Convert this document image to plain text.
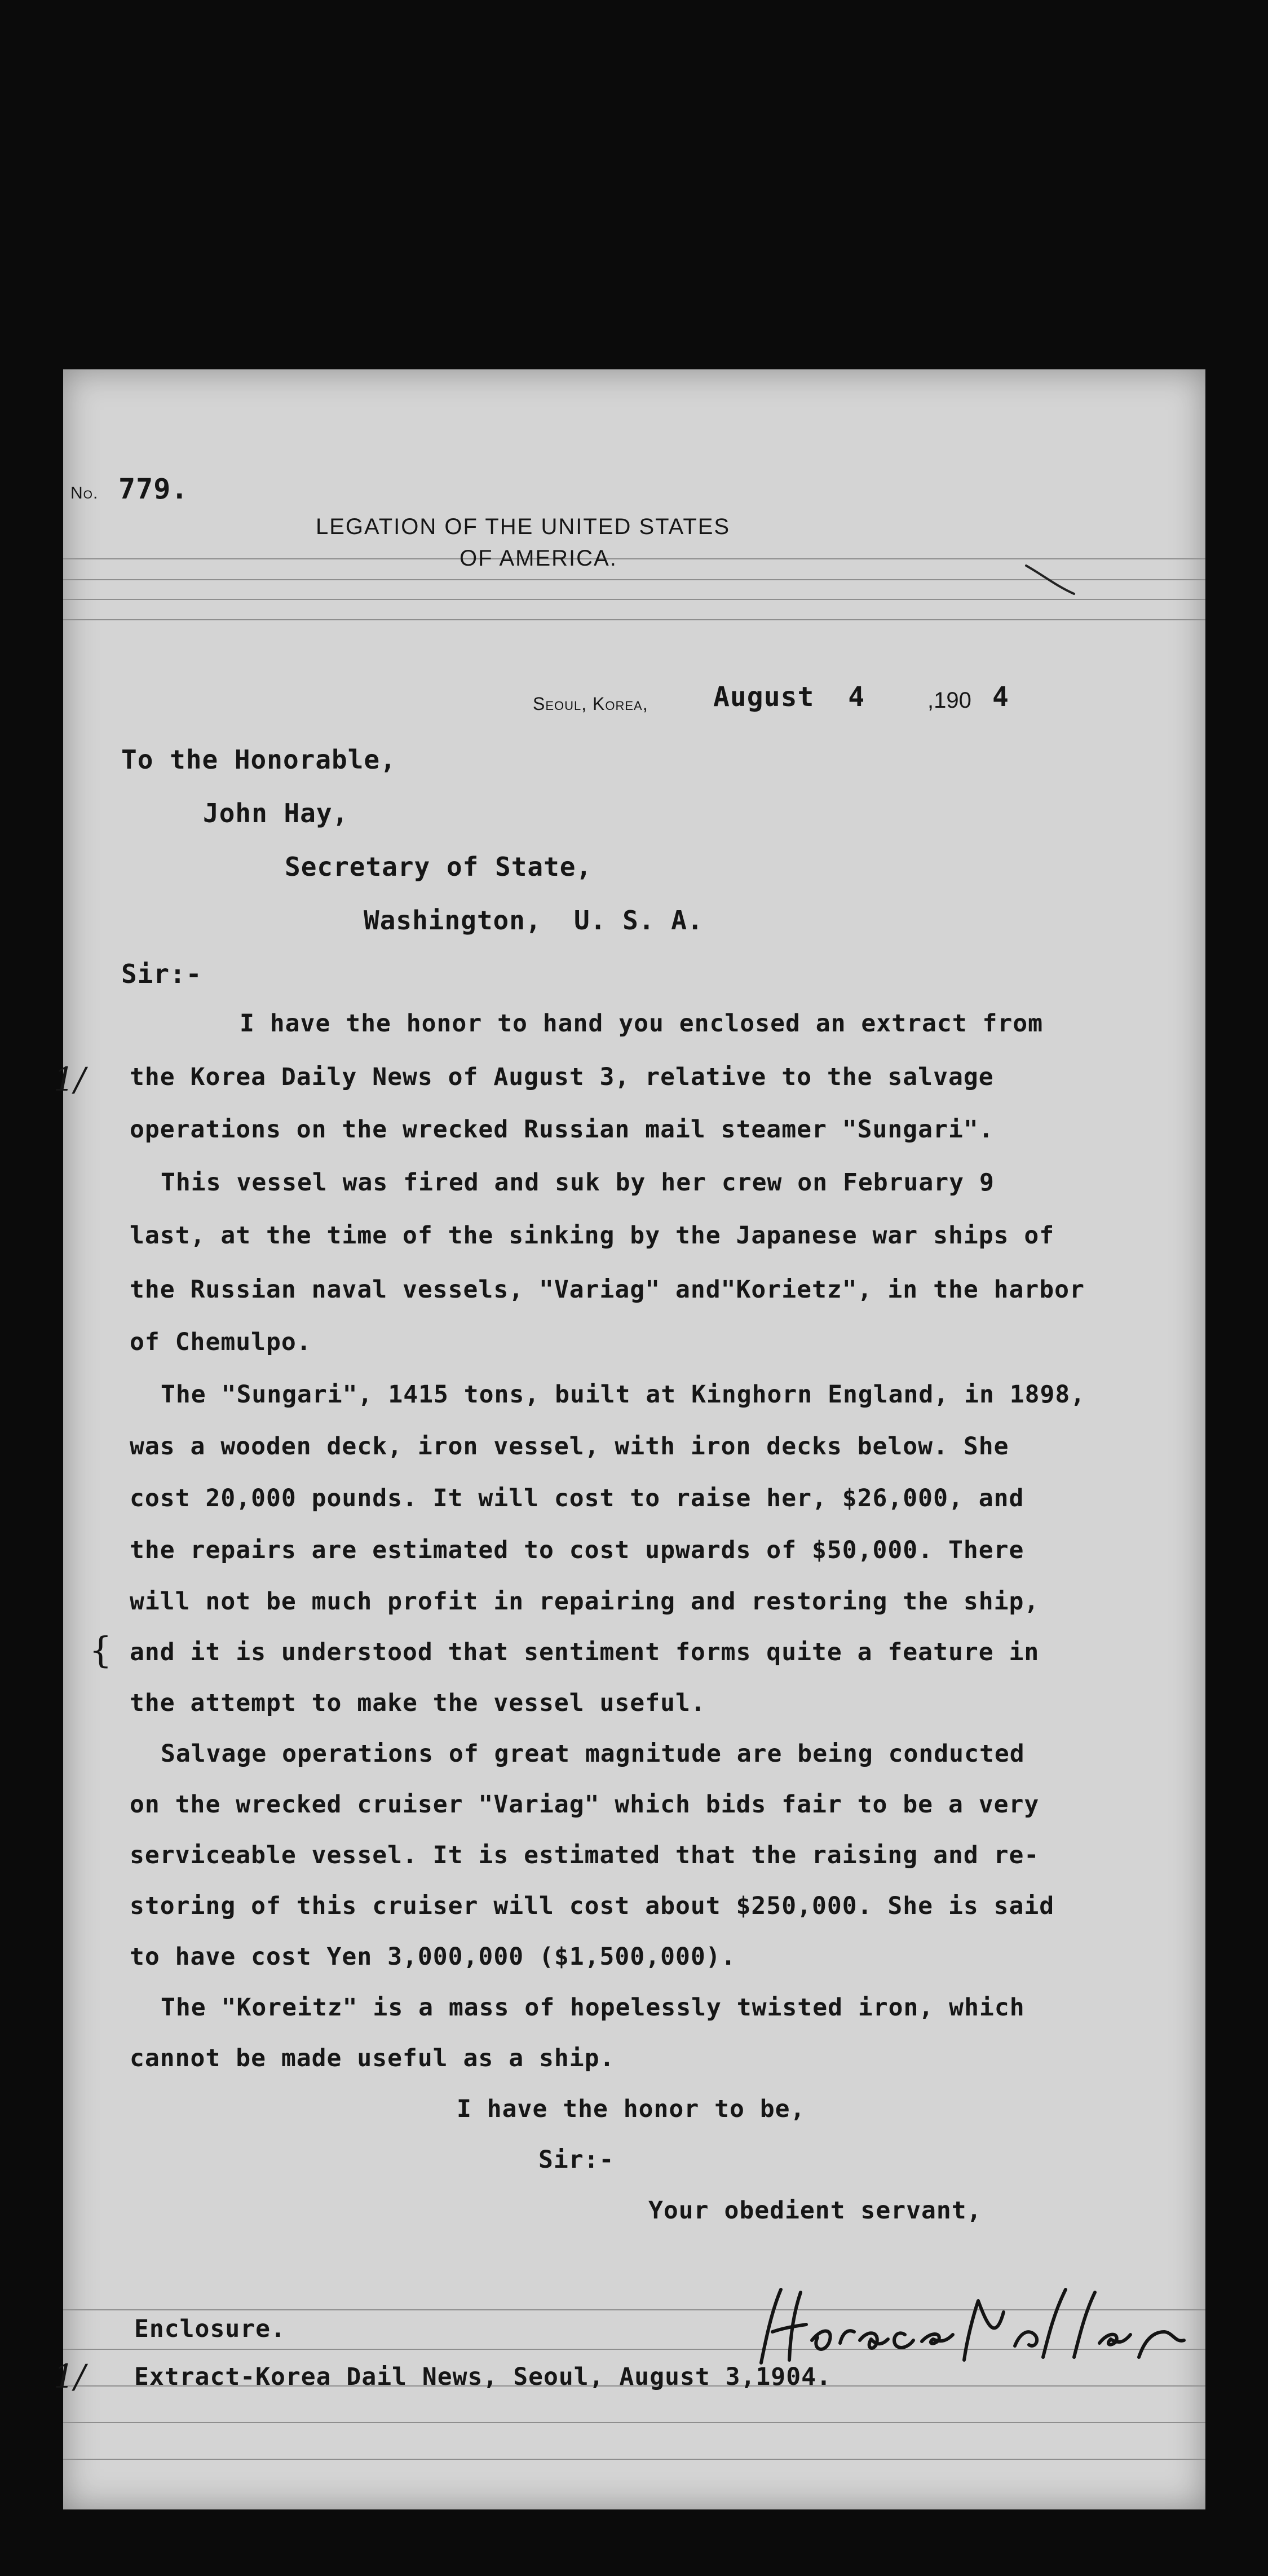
No. 779.
LEGATION OF THE UNITED STATES
OF AMERICA.
Seoul, Korea, August  4	,190 4
To the Honorable,
John Hay,
Secretary of State,
Washington,  U. S. A.
Sir:-
I have the honor to hand you enclosed an extract from
the Korea Daily News of August 3, relative to the salvage
operations on the wrecked Russian mail steamer "Sungari".
This vessel was fired and suk by her crew on February 9
last, at the time of the sinking by the Japanese war ships of
the Russian naval vessels, "Variag" and"Korietz", in the harbor
of Chemulpo.
The "Sungari", 1415 tons, built at Kinghorn England, in 1898,
was a wooden deck, iron vessel, with iron decks below. She
cost 20,000 pounds. It will cost to raise her, $26,000, and
the repairs are estimated to cost upwards of $50,000. There
will not be much profit in repairing and restoring the ship,
and it is understood that sentiment forms quite a feature in
the attempt to make the vessel useful.
Salvage operations of great magnitude are being conducted
on the wrecked cruiser "Variag" which bids fair to be a very
serviceable vessel. It is estimated that the raising and re-
storing of this cruiser will cost about $250,000. She is said
to have cost Yen 3,000,000 ($1,500,000).
The "Koreitz" is a mass of hopelessly twisted iron, which
cannot be made useful as a ship.
I have the honor to be,
Sir:-
Your obedient servant,
Enclosure.
Extract-Korea Dail News, Seoul, August 3,1904.
1/
1/
{
